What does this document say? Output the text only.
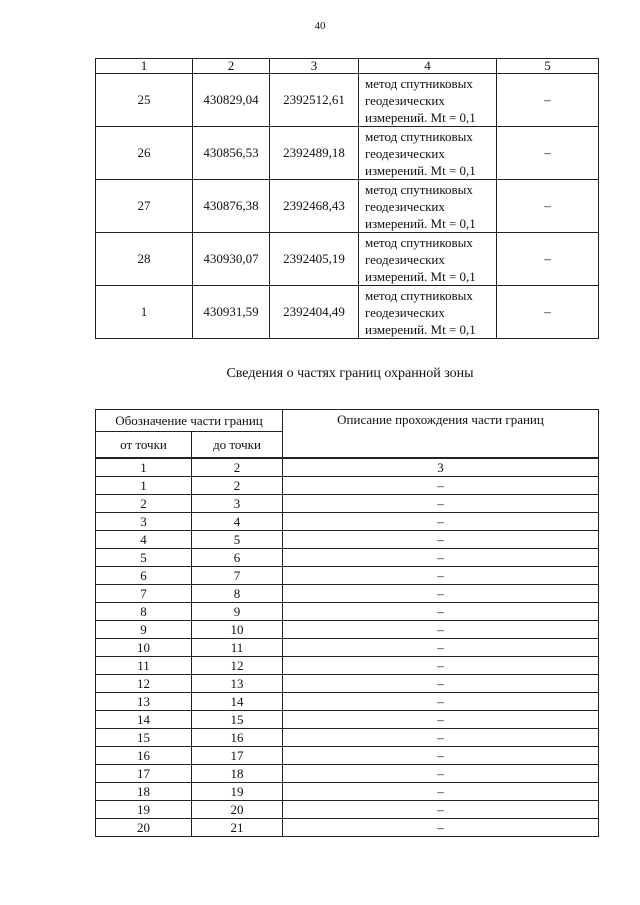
40
1	2	3	4	5
25	430829,04	2392512,61	метод спутниковых
геодезических
измерений. Mt = 0,1	–
26	430856,53	2392489,18	метод спутниковых
геодезических
измерений. Mt = 0,1	–
27	430876,38	2392468,43	метод спутниковых
геодезических
измерений. Mt = 0,1	–
28	430930,07	2392405,19	метод спутниковых
геодезических
измерений. Mt = 0,1	–
1	430931,59	2392404,49	метод спутниковых
геодезических
измерений. Mt = 0,1	–
Сведения о частях границ охранной зоны
Обозначение части границ		Описание прохождения части границ
от точки	до точки	
1	2	3
1	2	–
2	3	–
3	4	–
4	5	–
5	6	–
6	7	–
7	8	–
8	9	–
9	10	–
10	11	–
11	12	–
12	13	–
13	14	–
14	15	–
15	16	–
16	17	–
17	18	–
18	19	–
19	20	–
20	21	–
